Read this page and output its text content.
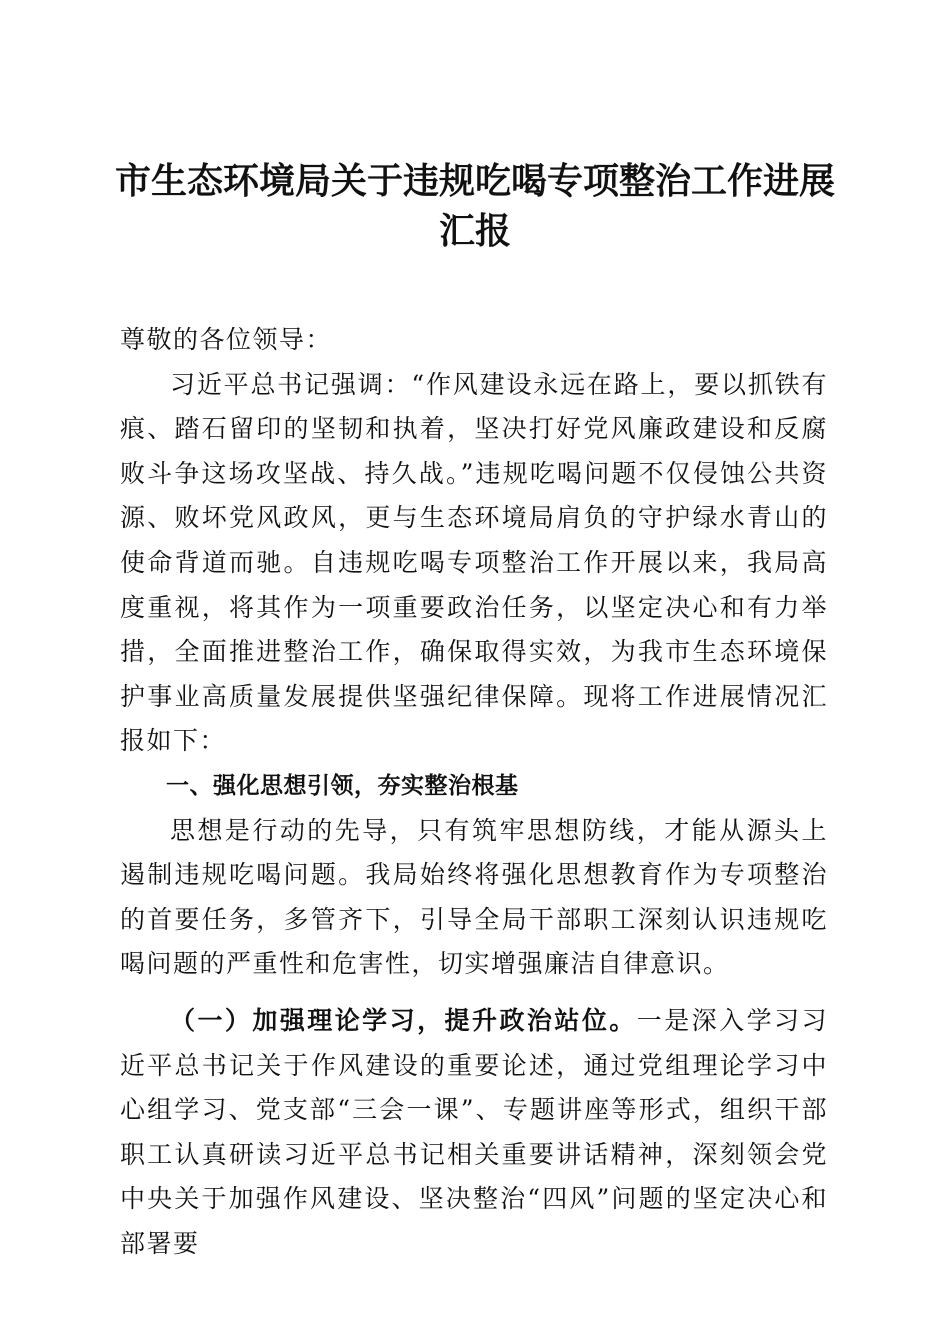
市生态环境局关于违规吃喝专项整治工作进展汇报

尊敬的各位领导：

习近平总书记强调：“作风建设永远在路上，要以抓铁有痕、踏石留印的坚韧和执着，坚决打好党风廉政建设和反腐败斗争这场攻坚战、持久战。”违规吃喝问题不仅侵蚀公共资源、败坏党风政风，更与生态环境局肩负的守护绿水青山的使命背道而驰。自违规吃喝专项整治工作开展以来，我局高度重视，将其作为一项重要政治任务，以坚定决心和有力举措，全面推进整治工作，确保取得实效，为我市生态环境保护事业高质量发展提供坚强纪律保障。现将工作进展情况汇报如下：

一、强化思想引领，夯实整治根基

思想是行动的先导，只有筑牢思想防线，才能从源头上遏制违规吃喝问题。我局始终将强化思想教育作为专项整治的首要任务，多管齐下，引导全局干部职工深刻认识违规吃喝问题的严重性和危害性，切实增强廉洁自律意识。

（一）加强理论学习，提升政治站位。一是深入学习习近平总书记关于作风建设的重要论述，通过党组理论学习中心组学习、党支部“三会一课”、专题讲座等形式，组织干部职工认真研读习近平总书记相关重要讲话精神，深刻领会党中央关于加强作风建设、坚决整治“四风”问题的坚定决心和部署要
